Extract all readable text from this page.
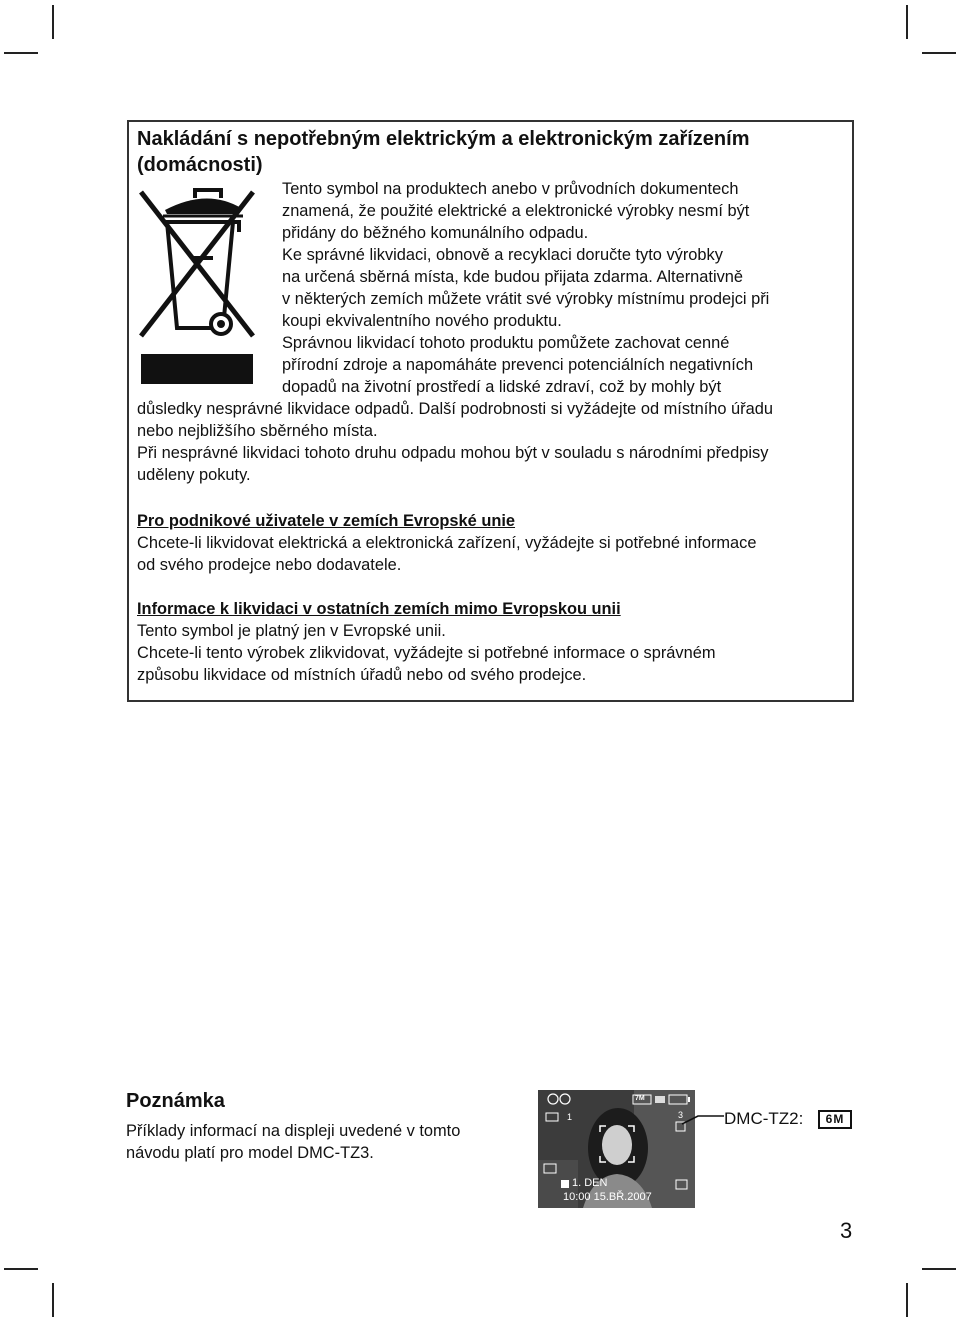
Nakládání s nepotřebným elektrickým a elektronickým zařízením
(domácnosti)
Tento symbol na produktech anebo v průvodních dokumentech
znamená, že použité elektrické a elektronické výrobky nesmí být
přidány do běžného komunálního odpadu.
Ke správné likvidaci, obnově a recyklaci doručte tyto výrobky
na určená sběrná místa, kde budou přijata zdarma. Alternativně
v některých zemích můžete vrátit své výrobky místnímu prodejci při
koupi ekvivalentního nového produktu.
Správnou likvidací tohoto produktu pomůžete zachovat cenné
přírodní zdroje a napomáháte prevenci potenciálních negativních
dopadů na životní prostředí a lidské zdraví, což by mohly být
důsledky nesprávné likvidace odpadů. Další podrobnosti si vyžádejte od místního úřadu
nebo nejbližšího sběrného místa.
Při nesprávné likvidaci tohoto druhu odpadu mohou být v souladu s národními předpisy
uděleny pokuty.
Pro podnikové uživatele v zemích Evropské unie
Chcete-li likvidovat elektrická a elektronická zařízení, vyžádejte si potřebné informace
od svého prodejce nebo dodavatele.
Informace k likvidaci v ostatních zemích mimo Evropskou unii
Tento symbol je platný jen v Evropské unii.
Chcete-li tento výrobek zlikvidovat, vyžádejte si potřebné informace o správném
způsobu likvidace od místních úřadů nebo od svého prodejce.
Poznámka
Příklady informací na displeji uvedené v tomto
návodu platí pro model DMC-TZ3.
7M
1	3
1. DEN
10:00 15.BŘ.2007
DMC-TZ2:	6M
3
